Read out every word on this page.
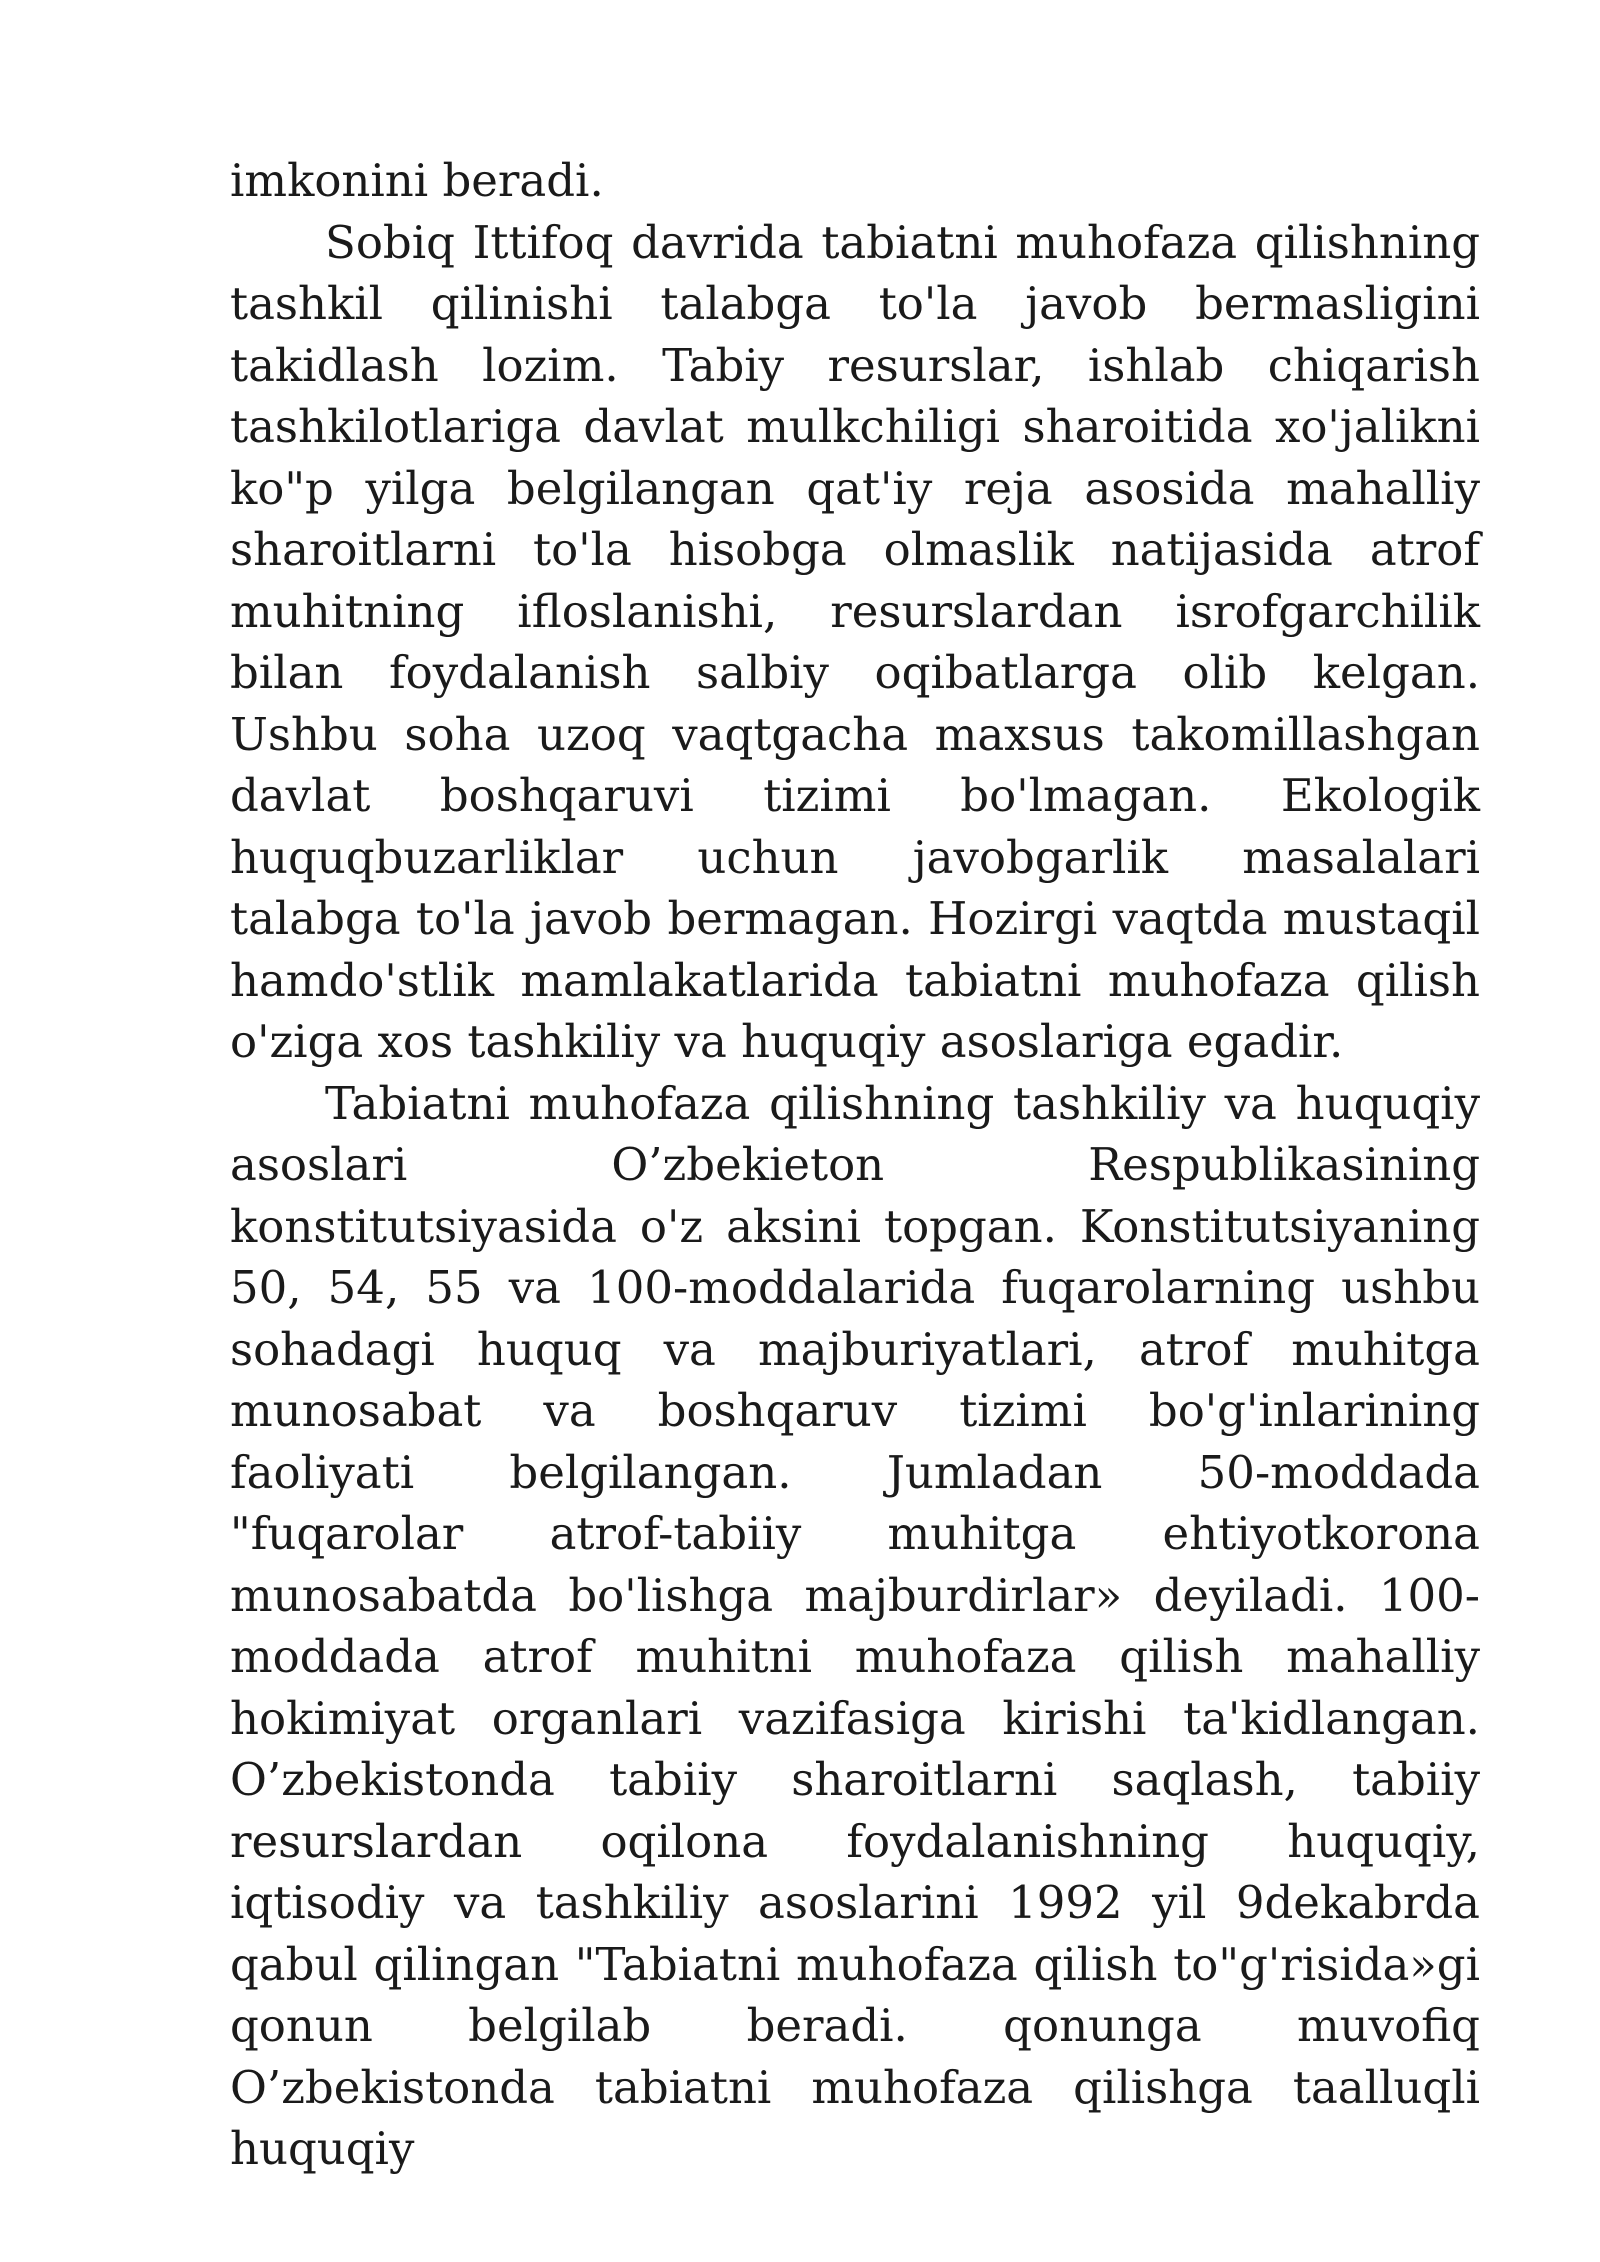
imkonini beradi.

Sobiq Ittifoq davrida tabiatni muhofaza qilishning tashkil qilinishi talabga to'la javob bermasligini takidlash lozim. Tabiy resurslar, ishlab chiqarish tashkilotlariga davlat mulkchiligi sharoitida xo'jalikni ko"p yilga belgilangan qat'iy reja asosida mahalliy sharoitlarni to'la hisobga olmaslik natijasida atrof muhitning ifloslanishi, resurslardan isrofgarchilik bilan foydalanish salbiy oqibatlarga olib kelgan. Ushbu soha uzoq vaqtgacha maxsus takomillashgan davlat boshqaruvi tizimi bo'lmagan. Ekologik huquqbuzarliklar uchun javobgarlik masalalari talabga to'la javob bermagan. Hozirgi vaqtda mustaqil hamdo'stlik mamlakatlarida tabiatni muhofaza qilish o'ziga xos tashkiliy va huquqiy asoslariga egadir.

Tabiatni muhofaza qilishning tashkiliy va huquqiy asoslari O’zbekieton Respublikasining konstitutsiyasida o'z aksini topgan. Konstitutsiyaning 50, 54, 55 va 100-moddalarida fuqarolarning ushbu sohadagi huquq va majburiyatlari, atrof muhitga munosabat va boshqaruv tizimi bo'g'inlarining faoliyati belgilangan. Jumladan 50-moddada "fuqarolar atrof-tabiiy muhitga ehtiyotkorona munosabatda bo'lishga majburdirlar» deyiladi. 100-moddada atrof muhitni muhofaza qilish mahalliy hokimiyat organlari vazifasiga kirishi ta'kidlangan. O’zbekistonda tabiiy sharoitlarni saqlash, tabiiy resurslardan oqilona foydalanishning huquqiy, iqtisodiy va tashkiliy asoslarini 1992 yil 9dekabrda qabul qilingan "Tabiatni muhofaza qilish to"g'risida»gi qonun belgilab beradi. qonunga muvofiq O’zbekistonda tabiatni muhofaza qilishga taalluqli huquqiy
